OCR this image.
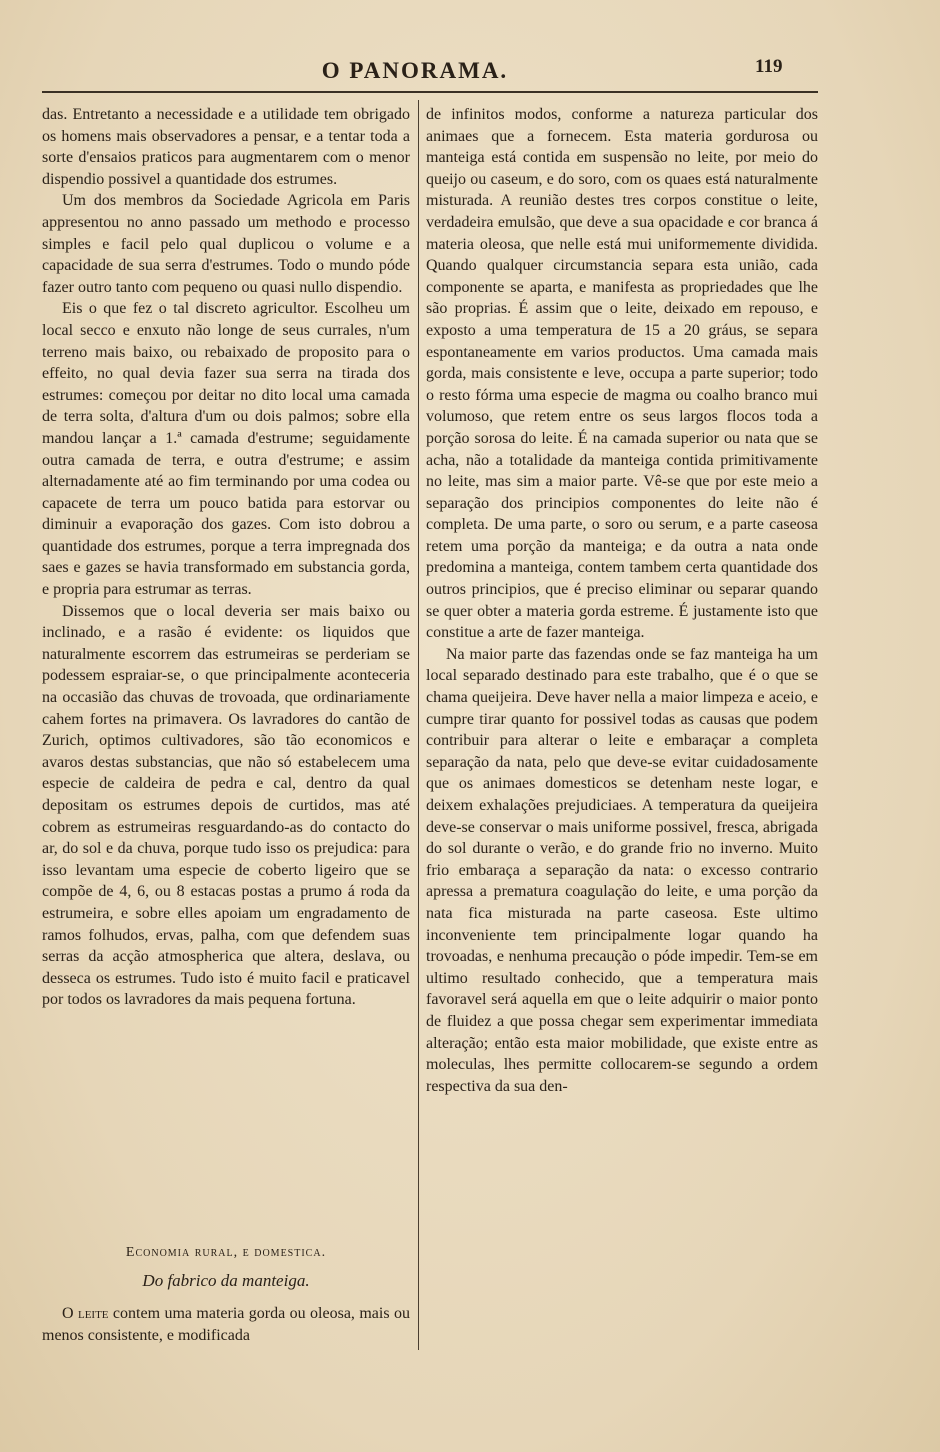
O PANORAMA.	119

das. Entretanto a necessidade e a utilidade tem obrigado os homens mais observadores a pensar, e a tentar toda a sorte d'ensaios praticos para augmentarem com o menor dispendio possivel a quantidade dos estrumes.

Um dos membros da Sociedade Agricola em Paris appresentou no anno passado um methodo e processo simples e facil pelo qual duplicou o volume e a capacidade de sua serra d'estrumes. Todo o mundo póde fazer outro tanto com pequeno ou quasi nullo dispendio.

Eis o que fez o tal discreto agricultor. Escolheu um local secco e enxuto não longe de seus currales, n'um terreno mais baixo, ou rebaixado de proposito para o effeito, no qual devia fazer sua serra na tirada dos estrumes: começou por deitar no dito local uma camada de terra solta, d'altura d'um ou dois palmos; sobre ella mandou lançar a 1.ª camada d'estrume; seguidamente outra camada de terra, e outra d'estrume; e assim alternadamente até ao fim terminando por uma codea ou capacete de terra um pouco batida para estorvar ou diminuir a evaporação dos gazes. Com isto dobrou a quantidade dos estrumes, porque a terra impregnada dos saes e gazes se havia transformado em substancia gorda, e propria para estrumar as terras.

Dissemos que o local deveria ser mais baixo ou inclinado, e a rasão é evidente: os liquidos que naturalmente escorrem das estrumeiras se perderiam se podessem espraiar-se, o que principalmente aconteceria na occasião das chuvas de trovoada, que ordinariamente cahem fortes na primavera. Os lavradores do cantão de Zurich, optimos cultivadores, são tão economicos e avaros destas substancias, que não só estabelecem uma especie de caldeira de pedra e cal, dentro da qual depositam os estrumes depois de curtidos, mas até cobrem as estrumeiras resguardando-as do contacto do ar, do sol e da chuva, porque tudo isso os prejudica: para isso levantam uma especie de coberto ligeiro que se compõe de 4, 6, ou 8 estacas postas a prumo á roda da estrumeira, e sobre elles apoiam um engradamento de ramos folhudos, ervas, palha, com que defendem suas serras da acção atmospherica que altera, deslava, ou desseca os estrumes. Tudo isto é muito facil e praticavel por todos os lavradores da mais pequena fortuna.

Economia rural, e domestica.
Do fabrico da manteiga.

O leite contem uma materia gorda ou oleosa, mais ou menos consistente, e modificada

de infinitos modos, conforme a natureza particular dos animaes que a fornecem. Esta materia gordurosa ou manteiga está contida em suspensão no leite, por meio do queijo ou caseum, e do soro, com os quaes está naturalmente misturada. A reunião destes tres corpos constitue o leite, verdadeira emulsão, que deve a sua opacidade e cor branca á materia oleosa, que nelle está mui uniformemente dividida. Quando qualquer circumstancia separa esta união, cada componente se aparta, e manifesta as propriedades que lhe são proprias. É assim que o leite, deixado em repouso, e exposto a uma temperatura de 15 a 20 gráus, se separa espontaneamente em varios productos. Uma camada mais gorda, mais consistente e leve, occupa a parte superior; todo o resto fórma uma especie de magma ou coalho branco mui volumoso, que retem entre os seus largos flocos toda a porção sorosa do leite. É na camada superior ou nata que se acha, não a totalidade da manteiga contida primitivamente no leite, mas sim a maior parte. Vê-se que por este meio a separação dos principios componentes do leite não é completa. De uma parte, o soro ou serum, e a parte caseosa retem uma porção da manteiga; e da outra a nata onde predomina a manteiga, contem tambem certa quantidade dos outros principios, que é preciso eliminar ou separar quando se quer obter a materia gorda estreme. É justamente isto que constitue a arte de fazer manteiga.

Na maior parte das fazendas onde se faz manteiga ha um local separado destinado para este trabalho, que é o que se chama queijeira. Deve haver nella a maior limpeza e aceio, e cumpre tirar quanto for possivel todas as causas que podem contribuir para alterar o leite e embaraçar a completa separação da nata, pelo que deve-se evitar cuidadosamente que os animaes domesticos se detenham neste logar, e deixem exhalações prejudiciaes. A temperatura da queijeira deve-se conservar o mais uniforme possivel, fresca, abrigada do sol durante o verão, e do grande frio no inverno. Muito frio embaraça a separação da nata: o excesso contrario apressa a prematura coagulação do leite, e uma porção da nata fica misturada na parte caseosa. Este ultimo inconveniente tem principalmente logar quando ha trovoadas, e nenhuma precaução o póde impedir. Tem-se em ultimo resultado conhecido, que a temperatura mais favoravel será aquella em que o leite adquirir o maior ponto de fluidez a que possa chegar sem experimentar immediata alteração; então esta maior mobilidade, que existe entre as moleculas, lhes permitte collocarem-se segundo a ordem respectiva da sua den-
